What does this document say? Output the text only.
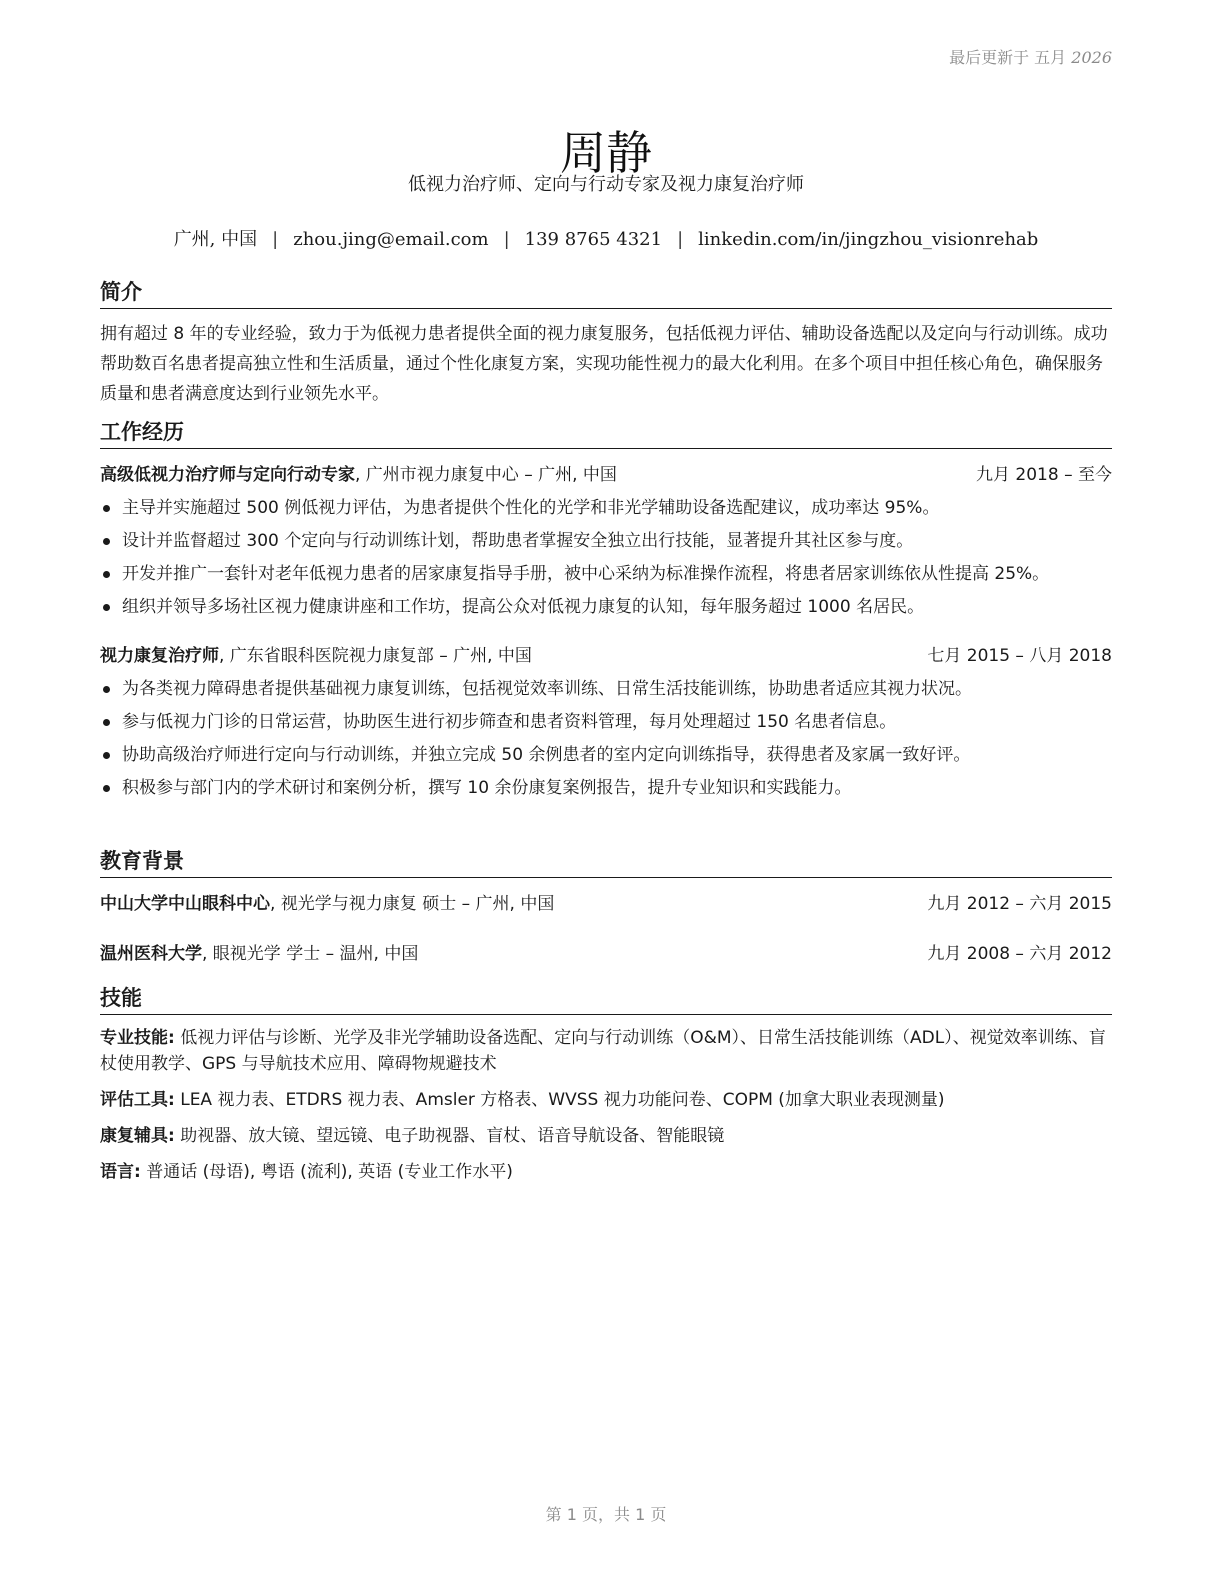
最后更新于 五月 2026
周静
低视力治疗师、定向与行动专家及视力康复治疗师
广州, 中国 | zhou.jing@email.com | 139 8765 4321 | linkedin.com/in/jingzhou_visionrehab
简介
拥有超过 8 年的专业经验，致力于为低视力患者提供全面的视力康复服务，包括低视力评估、辅助设备选配以及定向与行动训练。成功帮助数百名患者提高独立性和生活质量，通过个性化康复方案，实现功能性视力的最大化利用。在多个项目中担任核心角色，确保服务质量和患者满意度达到行业领先水平。
工作经历
高级低视力治疗师与定向行动专家, 广州市视力康复中心 – 广州, 中国	九月 2018 – 至今
主导并实施超过 500 例低视力评估，为患者提供个性化的光学和非光学辅助设备选配建议，成功率达 95%。
设计并监督超过 300 个定向与行动训练计划，帮助患者掌握安全独立出行技能，显著提升其社区参与度。
开发并推广一套针对老年低视力患者的居家康复指导手册，被中心采纳为标准操作流程，将患者居家训练依从性提高 25%。
组织并领导多场社区视力健康讲座和工作坊，提高公众对低视力康复的认知，每年服务超过 1000 名居民。
视力康复治疗师, 广东省眼科医院视力康复部 – 广州, 中国	七月 2015 – 八月 2018
为各类视力障碍患者提供基础视力康复训练，包括视觉效率训练、日常生活技能训练，协助患者适应其视力状况。
参与低视力门诊的日常运营，协助医生进行初步筛查和患者资料管理，每月处理超过 150 名患者信息。
协助高级治疗师进行定向与行动训练，并独立完成 50 余例患者的室内定向训练指导，获得患者及家属一致好评。
积极参与部门内的学术研讨和案例分析，撰写 10 余份康复案例报告，提升专业知识和实践能力。
教育背景
中山大学中山眼科中心, 视光学与视力康复 硕士 – 广州, 中国	九月 2012 – 六月 2015
温州医科大学, 眼视光学 学士 – 温州, 中国	九月 2008 – 六月 2012
技能
专业技能: 低视力评估与诊断、光学及非光学辅助设备选配、定向与行动训练（O&M）、日常生活技能训练（ADL）、视觉效率训练、盲杖使用教学、GPS 与导航技术应用、障碍物规避技术
评估工具: LEA 视力表、ETDRS 视力表、Amsler 方格表、WVSS 视力功能问卷、COPM (加拿大职业表现测量)
康复辅具: 助视器、放大镜、望远镜、电子助视器、盲杖、语音导航设备、智能眼镜
语言: 普通话 (母语), 粤语 (流利), 英语 (专业工作水平)
第 1 页，共 1 页
